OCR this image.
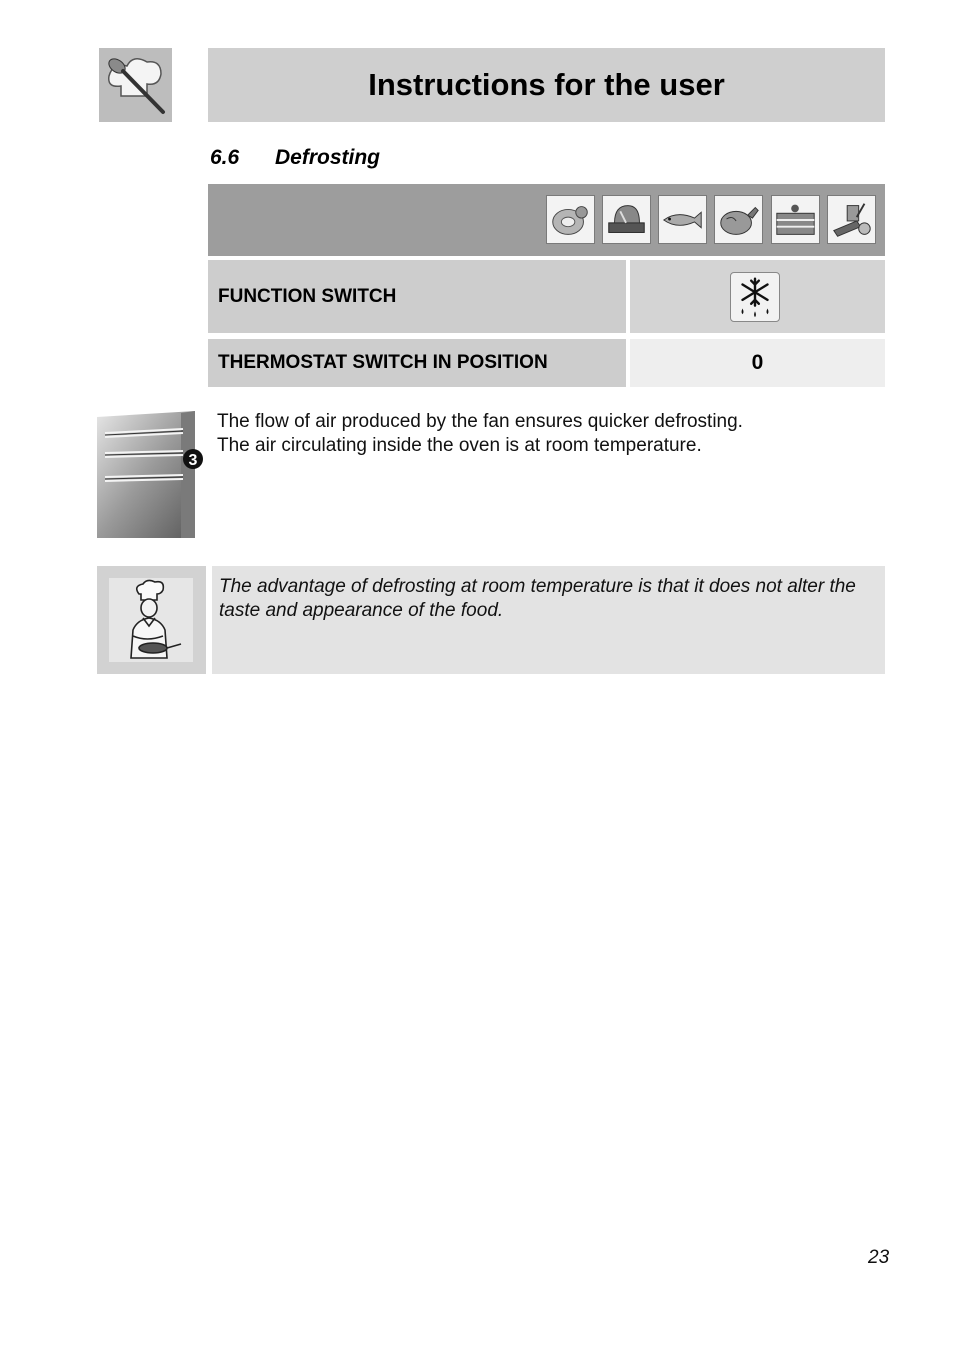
Instructions for the user
6.6 Defrosting
FUNCTION SWITCH
THERMOSTAT SWITCH IN POSITION	0
3

The flow of air produced by the fan ensures quicker defrosting.

The air circulating inside the oven is at room temperature.

The advantage of defrosting at room temperature is that it does not alter the taste and appearance of the food.
23
